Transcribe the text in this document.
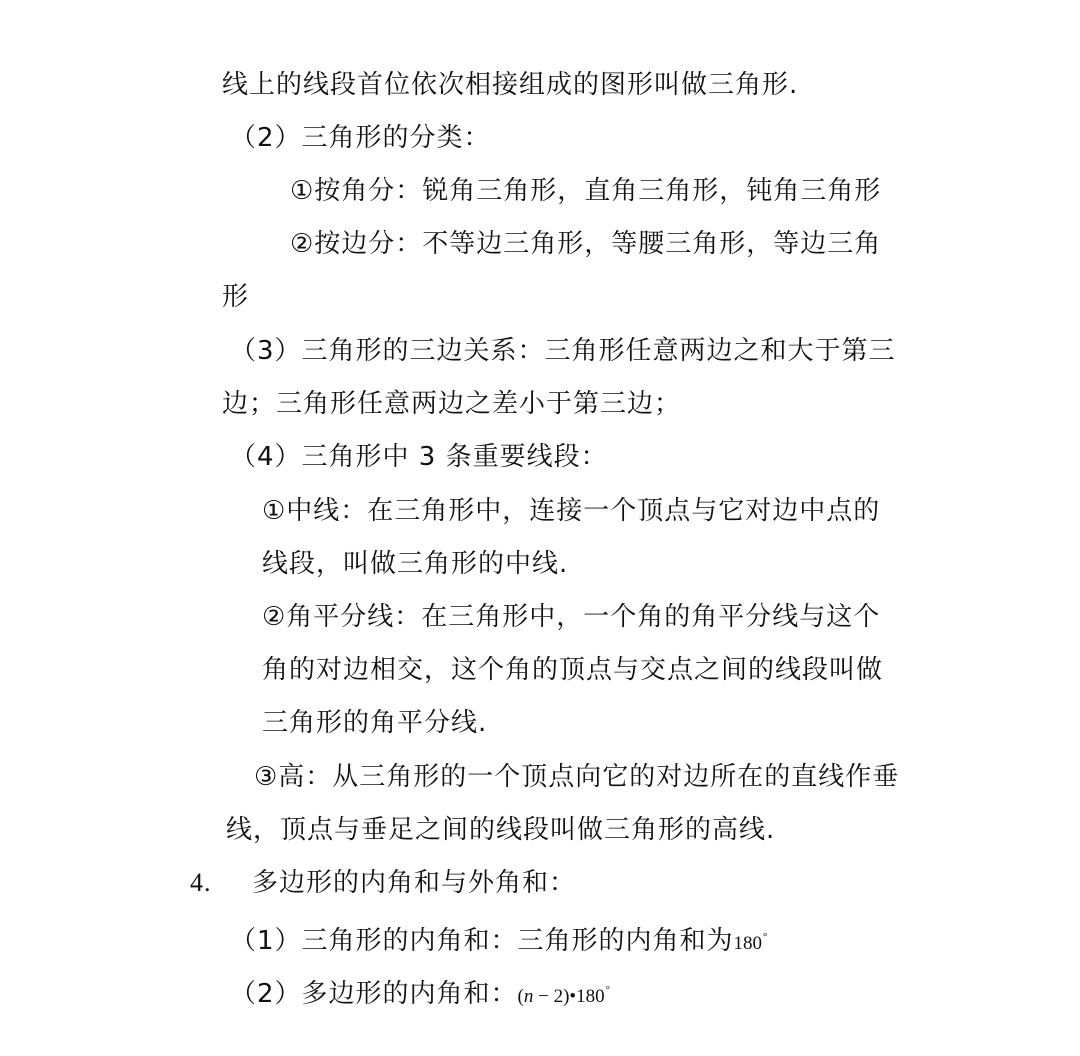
线上的线段首位依次相接组成的图形叫做三角形.
（2）三角形的分类：
①按角分：锐角三角形，直角三角形，钝角三角形
②按边分：不等边三角形，等腰三角形，等边三角
形
（3）三角形的三边关系：三角形任意两边之和大于第三
边；三角形任意两边之差小于第三边；
（4）三角形中 3 条重要线段：
①中线：在三角形中，连接一个顶点与它对边中点的
线段，叫做三角形的中线.
②角平分线：在三角形中，一个角的角平分线与这个
角的对边相交，这个角的顶点与交点之间的线段叫做
三角形的角平分线.
③高：从三角形的一个顶点向它的对边所在的直线作垂
线，顶点与垂足之间的线段叫做三角形的高线.
4. 多边形的内角和与外角和：
（1）三角形的内角和：三角形的内角和为180°
（2）多边形的内角和：(n − 2)•180°
